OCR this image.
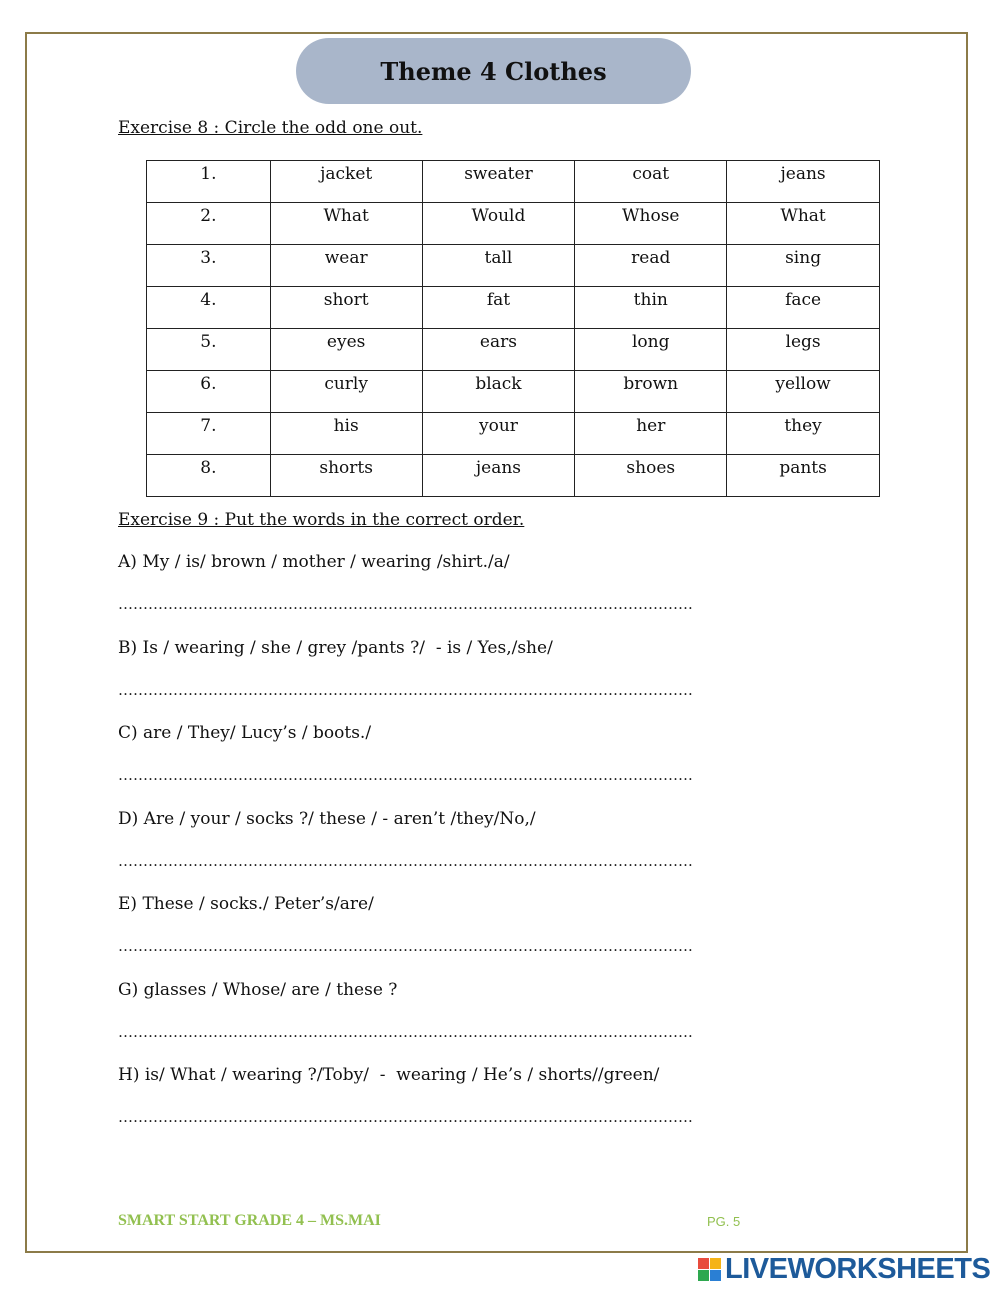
Theme 4 Clothes
Exercise 8 : Circle the odd one out.
1.	jacket	sweater	coat	jeans
2.	What	Would	Whose	What
3.	wear	tall	read	sing
4.	short	fat	thin	face
5.	eyes	ears	long	legs
6.	curly	black	brown	yellow
7.	his	your	her	they
8.	shorts	jeans	shoes	pants
Exercise 9 : Put the words in the correct order.
A) My / is/ brown / mother / wearing /shirt./a/
…………………………………………………………………………………………………….
B) Is / wearing / she / grey /pants ?/  - is / Yes,/she/
…………………………………………………………………………………………………….
C) are / They/ Lucy’s / boots./
…………………………………………………………………………………………………….
D) Are / your / socks ?/ these / - aren’t /they/No,/
…………………………………………………………………………………………………….
E) These / socks./ Peter’s/are/
…………………………………………………………………………………………………….
G) glasses / Whose/ are / these ?
…………………………………………………………………………………………………….
H) is/ What / wearing ?/Toby/  -  wearing / He’s / shorts//green/
…………………………………………………………………………………………………….
SMART START GRADE 4 – MS.MAI	PG. 5
LIVEWORKSHEETS
